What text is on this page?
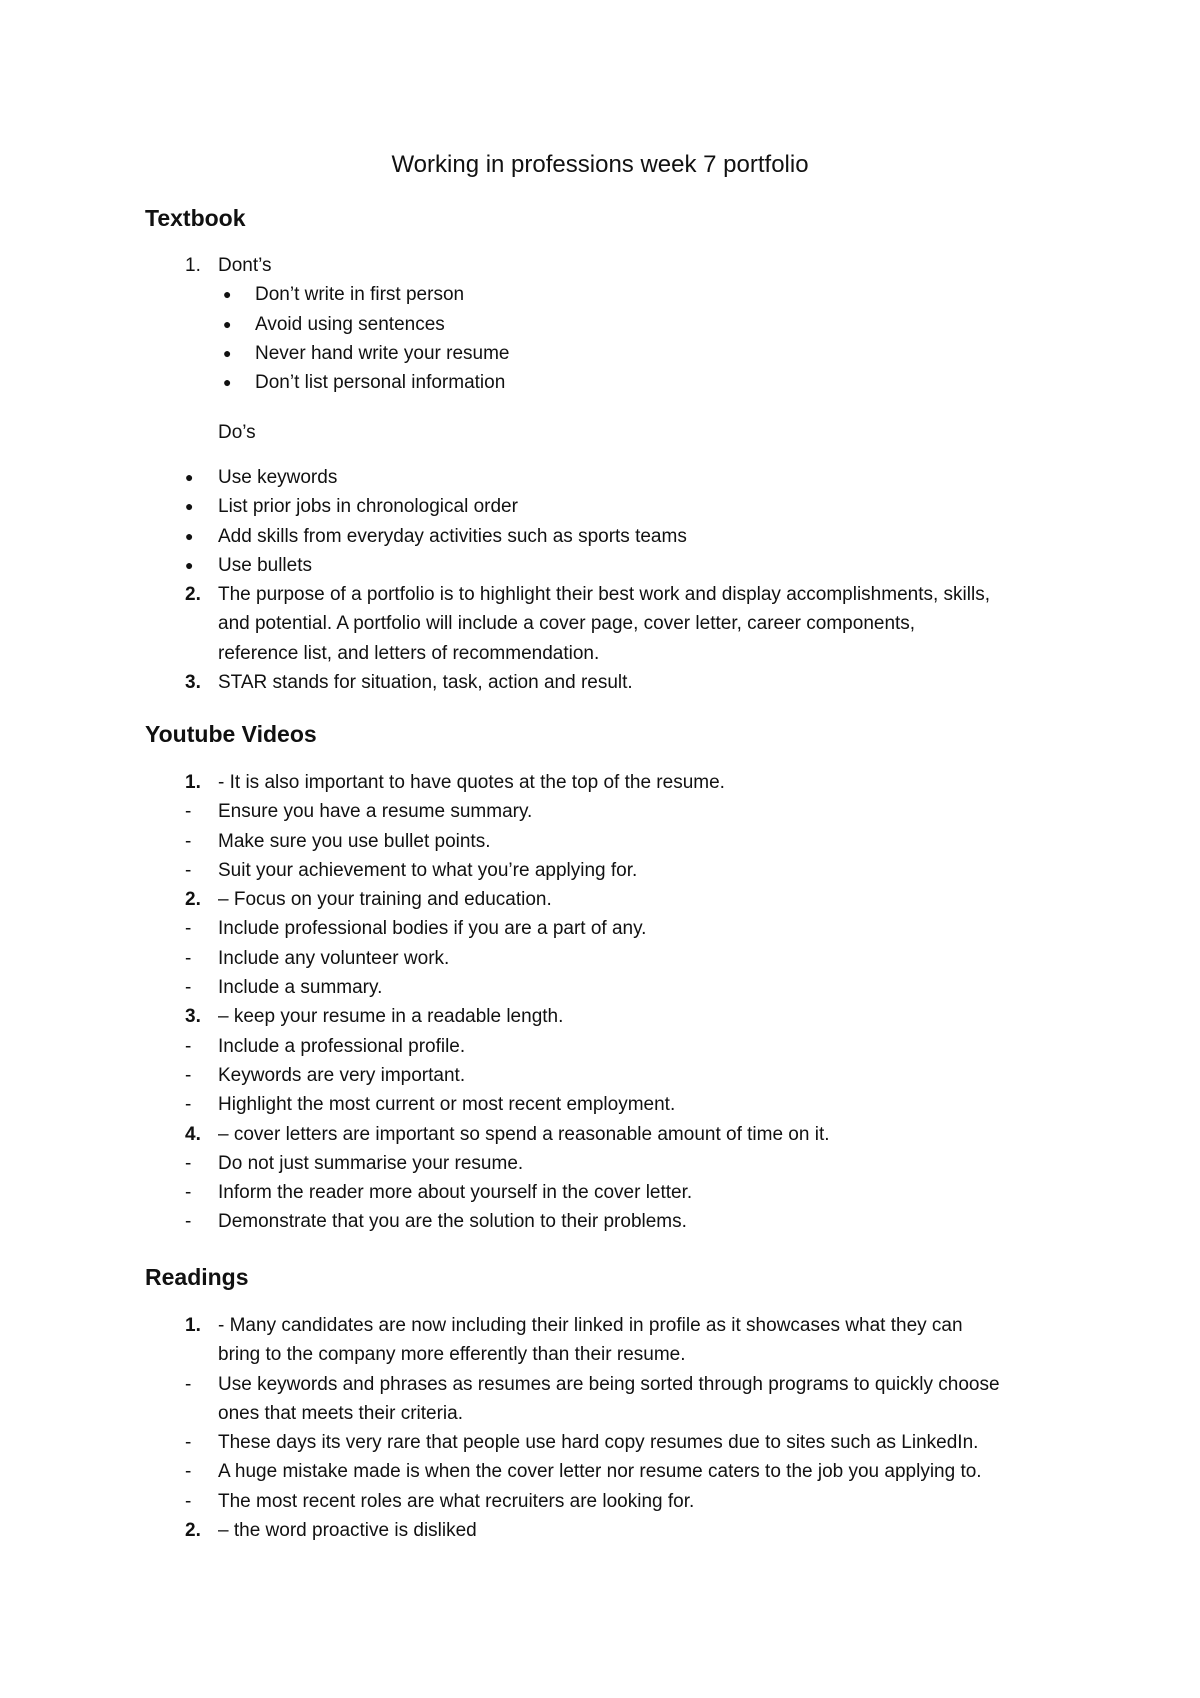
Working in professions week 7 portfolio
Textbook
1. Dont’s
● Don’t write in first person
● Avoid using sentences
● Never hand write your resume
● Don’t list personal information
Do’s
● Use keywords
● List prior jobs in chronological order
● Add skills from everyday activities such as sports teams
● Use bullets
2. The purpose of a portfolio is to highlight their best work and display accomplishments, skills,
and potential. A portfolio will include a cover page, cover letter, career components,
reference list, and letters of recommendation.
3. STAR stands for situation, task, action and result.
Youtube Videos
1. - It is also important to have quotes at the top of the resume.
- Ensure you have a resume summary.
- Make sure you use bullet points.
- Suit your achievement to what you’re applying for.
2. – Focus on your training and education.
- Include professional bodies if you are a part of any.
- Include any volunteer work.
- Include a summary.
3. – keep your resume in a readable length.
- Include a professional profile.
- Keywords are very important.
- Highlight the most current or most recent employment.
4. – cover letters are important so spend a reasonable amount of time on it.
- Do not just summarise your resume.
- Inform the reader more about yourself in the cover letter.
- Demonstrate that you are the solution to their problems.
Readings
1. - Many candidates are now including their linked in profile as it showcases what they can
bring to the company more efferently than their resume.
- Use keywords and phrases as resumes are being sorted through programs to quickly choose
ones that meets their criteria.
- These days its very rare that people use hard copy resumes due to sites such as LinkedIn.
- A huge mistake made is when the cover letter nor resume caters to the job you applying to.
- The most recent roles are what recruiters are looking for.
2. – the word proactive is disliked
